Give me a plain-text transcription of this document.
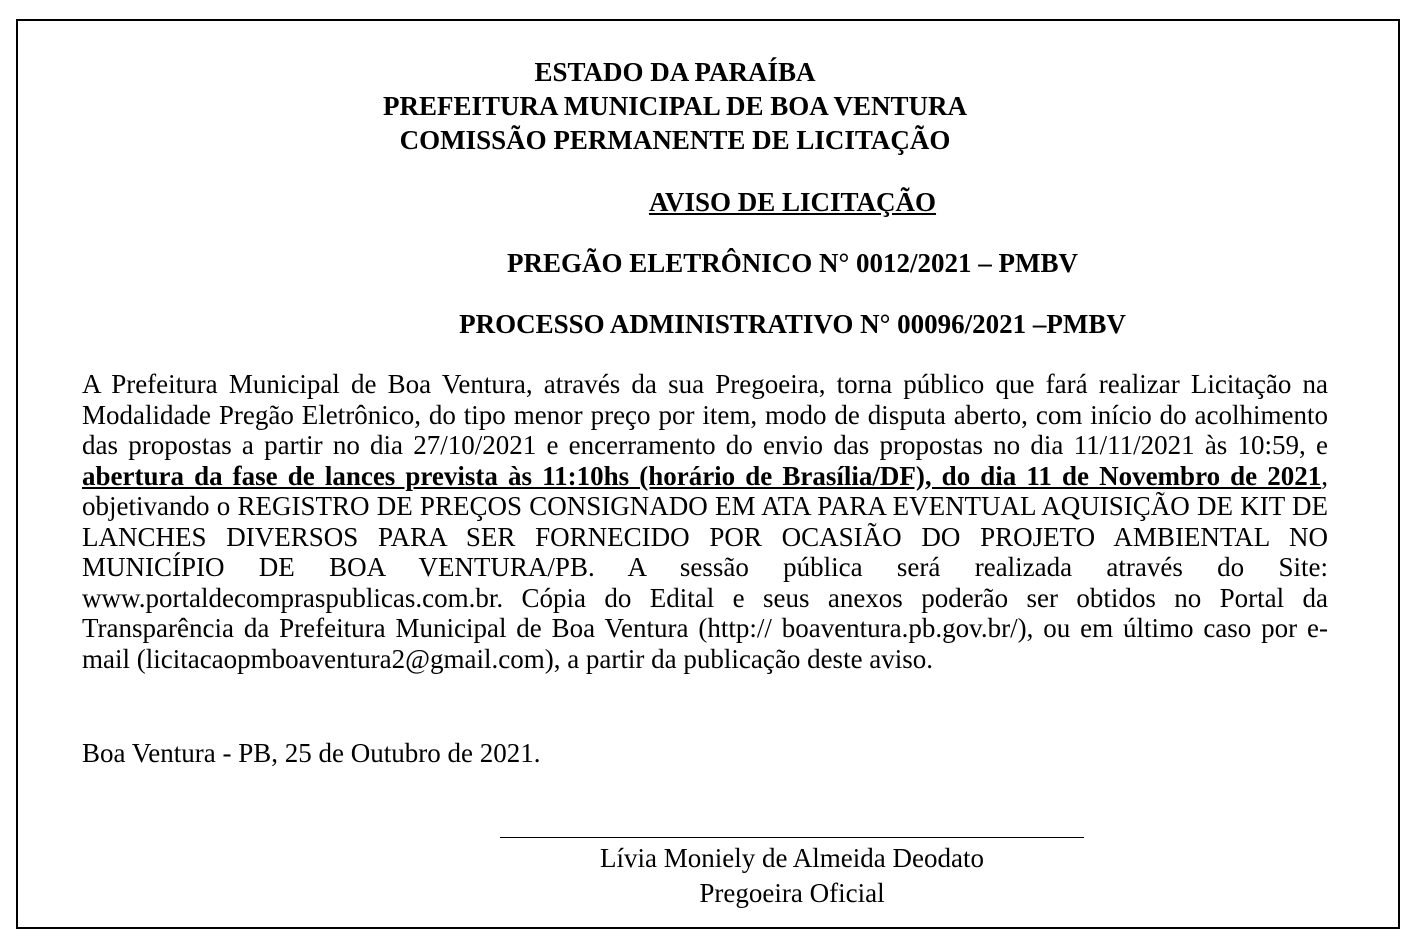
ESTADO DA PARAÍBA
PREFEITURA MUNICIPAL DE BOA VENTURA
COMISSÃO PERMANENTE DE LICITAÇÃO
AVISO DE LICITAÇÃO
PREGÃO ELETRÔNICO N° 0012/2021 – PMBV
PROCESSO ADMINISTRATIVO N° 00096/2021 –PMBV
A Prefeitura Municipal de Boa Ventura, através da sua Pregoeira, torna público que fará realizar Licitação na Modalidade Pregão Eletrônico, do tipo menor preço por item, modo de disputa aberto, com início do acolhimento das propostas a partir no dia 27/10/2021 e encerramento do envio das propostas no dia 11/11/2021 às 10:59, e abertura da fase de lances prevista às 11:10hs (horário de Brasília/DF), do dia 11 de Novembro de 2021, objetivando o REGISTRO DE PREÇOS CONSIGNADO EM ATA PARA EVENTUAL AQUISIÇÃO DE KIT DE LANCHES DIVERSOS PARA SER FORNECIDO POR OCASIÃO DO PROJETO AMBIENTAL NO MUNICÍPIO DE BOA VENTURA/PB. A sessão pública será realizada através do Site: www.portaldecompraspublicas.com.br. Cópia do Edital e seus anexos poderão ser obtidos no Portal da Transparência da Prefeitura Municipal de Boa Ventura (http:// boaventura.pb.gov.br/), ou em último caso por e-mail (licitacaopmboaventura2@gmail.com), a partir da publicação deste aviso.
Boa Ventura - PB, 25 de Outubro de 2021.
Lívia Moniely de Almeida Deodato
Pregoeira Oficial
